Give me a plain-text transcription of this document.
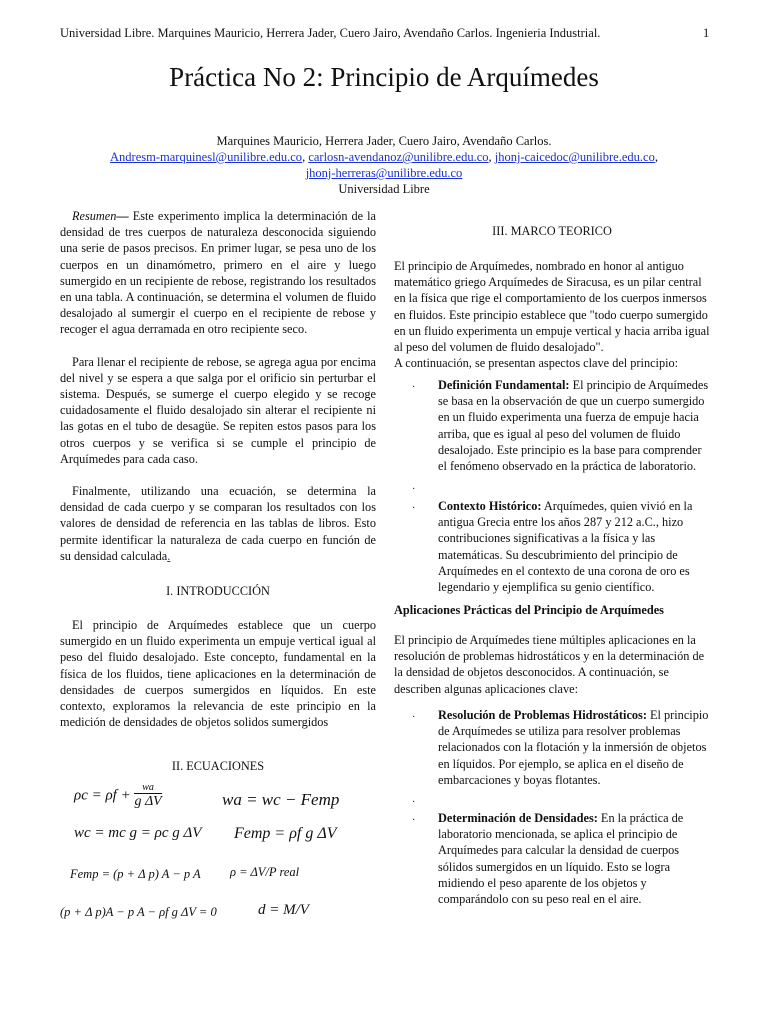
Universidad Libre. Marquines Mauricio, Herrera Jader, Cuero Jairo, Avendaño Carlos. Ingenieria Industrial.	1
Práctica No 2: Principio de Arquímedes
Marquines Mauricio, Herrera Jader, Cuero Jairo, Avendaño Carlos.
Andresm-marquinesl@unilibre.edu.co, carlosn-avendanoz@unilibre.edu.co, jhonj-caicedoc@unilibre.edu.co,
jhonj-herreras@unilibre.edu.co
Universidad Libre

Resumen— Este experimento implica la determinación de la densidad de tres cuerpos de naturaleza desconocida siguiendo una serie de pasos precisos. En primer lugar, se pesa uno de los cuerpos en un dinamómetro, primero en el aire y luego sumergido en un recipiente de rebose, registrando los resultados en una tabla. A continuación, se determina el volumen de fluido desalojado al sumergir el cuerpo en el recipiente de rebose y recoger el agua derramada en otro recipiente seco.

Para llenar el recipiente de rebose, se agrega agua por encima del nivel y se espera a que salga por el orificio sin perturbar el sistema. Después, se sumerge el cuerpo elegido y se recoge cuidadosamente el fluido desalojado sin alterar el recipiente ni las gotas en el tubo de desagüe. Se repiten estos pasos para los otros cuerpos y se verifica si se cumple el principio de Arquímedes para cada caso.

Finalmente, utilizando una ecuación, se determina la densidad de cada cuerpo y se comparan los resultados con los valores de densidad de referencia en las tablas de libros. Esto permite identificar la naturaleza de cada cuerpo en función de su densidad calculada.

I. INTRODUCCIÓN

El principio de Arquímedes establece que un cuerpo sumergido en un fluido experimenta un empuje vertical igual al peso del fluido desalojado. Este concepto, fundamental en la física de los fluidos, tiene aplicaciones en la determinación de densidades de cuerpos sumergidos en líquidos. En este contexto, exploramos la relevancia de este principio en la medición de densidades de objetos solidos sumergidos

II. ECUACIONES
$\rho c = \rho f + \frac{wa}{\text{g ΔV}}$	wa = wc − Femp
wc = mc g = ρc g ΔV Femp = ρf g ΔV
Femp = (p + Δ p) A − p A ρ = ΔV/P real
(p + Δ p)A − p A − ρf g ΔV = 0	d = M/V
III. MARCO TEORICO

El principio de Arquímedes, nombrado en honor al antiguo matemático griego Arquímedes de Siracusa, es un pilar central en la física que rige el comportamiento de los cuerpos inmersos en fluidos. Este principio establece que "todo cuerpo sumergido en un fluido experimenta un empuje vertical y hacia arriba igual al peso del volumen de fluido desalojado".

A continuación, se presentan aspectos clave del principio:

· Definición Fundamental: El principio de Arquímedes se basa en la observación de que un cuerpo sumergido en un fluido experimenta una fuerza de empuje hacia arriba, que es igual al peso del volumen de fluido desalojado. Este principio es la base para comprender el fenómeno observado en la práctica de laboratorio.
·
· Contexto Histórico: Arquímedes, quien vivió en la antigua Grecia entre los años 287 y 212 a.C., hizo contribuciones significativas a la física y las matemáticas. Su descubrimiento del principio de Arquímedes en el contexto de una corona de oro es legendario y ejemplifica su genio científico.
Aplicaciones Prácticas del Principio de Arquímedes
El principio de Arquímedes tiene múltiples aplicaciones en la resolución de problemas hidrostáticos y en la determinación de la densidad de objetos desconocidos. A continuación, se describen algunas aplicaciones clave:
· Resolución de Problemas Hidrostáticos: El principio de Arquímedes se utiliza para resolver problemas relacionados con la flotación y la inmersión de objetos en líquidos. Por ejemplo, se aplica en el diseño de embarcaciones y boyas flotantes.
·
· Determinación de Densidades: En la práctica de laboratorio mencionada, se aplica el principio de Arquímedes para calcular la densidad de cuerpos sólidos sumergidos en un líquido. Esto se logra midiendo el peso aparente de los objetos y comparándolo con su peso real en el aire.
